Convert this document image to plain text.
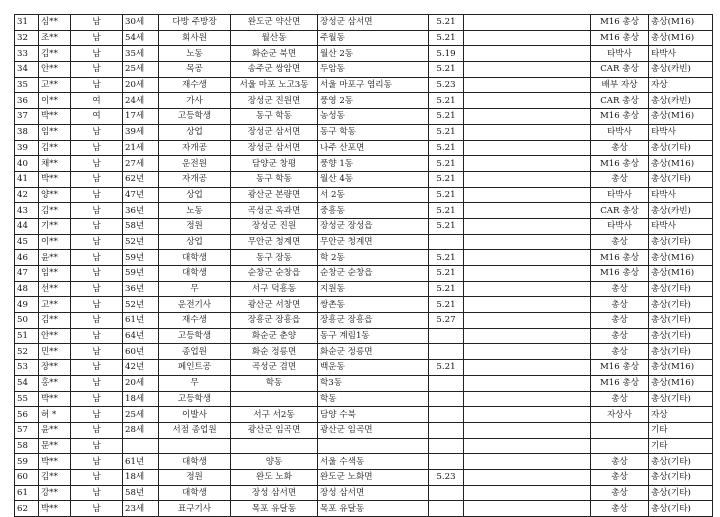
31	심**	남	30세	다방 주방장	완도군 약산면	장성군 삼서면	5.21		M16 총상	총상(M16)
32	조**	남	54세	회사원	월산동	주월동	5.21		M16 총상	총상(M16)
33	김**	남	35세	노동	화순군 북면	월산 2동	5.19		타박사	타박사
34	안**	남	25세	목공	송주군 쌍암면	두암동	5.21		CAR 총상	총상(카빈)
35	고**	남	20세	재수생	서울 마포 노고3동	서울 마포구 염리동	5.23		배부 자상	자상
36	이**	여	24세	가사	장성군 진원면	풍영 2동	5.21		CAR 총상	총상(카빈)
37	박**	여	17세	고등학생	동구 학동	농성동	5.21		M16 총상	총상(M16)
38	임**	남	39세	상업	장성군 삼서면	동구 학동	5.21		타박사	타박사
39	김**	남	21세	자개공	장성군 삼서면	나주 산포면	5.21		총상	총상(기타)
40	채**	남	27세	운전원	담양군 창평	풍향 1동	5.21		M16 총상	총상(M16)
41	박**	남	62년	자개공	동구 학동	월산 4동	5.21		총상	총상(기타)
42	양**	남	47년	상업	광산군 본량면	서 2동	5.21		타박사	타박사
43	김**	남	36년	노동	곡성군 옥과면	중흥동	5.21		CAR 총상	총상(카빈)
44	기**	남	58년	정원	장성군 진원	장성군 장성읍	5.21		타박사	타박사
45	이**	남	52년	상업	무안군 청계면	무안군 청계면			총상	총상(기타)
46	윤**	남	59년	대학생	동구 장동	학 2동	5.21		M16 총상	총상(M16)
47	임**	남	59년	대학생	순창군 순창읍	순창군 순창읍	5.21		M16 총상	총상(M16)
48	선**	남	36년	무	서구 덕흥동	지원동	5.21		총상	총상(기타)
49	고**	남	52년	운전기사	광산군 서창면	쌍촌동	5.21		총상	총상(기타)
50	김**	남	61년	재수생	장흥군 장흥읍	장흥군 장흥읍	5.27		총상	총상(기타)
51	안**	남	64년	고등학생	화순군 춘양	동구 계림1동			총상	총상(기타)
52	민**	남	60년	종업원	화순 정릉면	화순군 정릉면			총상	총상(기타)
53	장**	남	42년	페인트공	곡성군 겸면	백운동	5.21		M16 총상	총상(M16)
54	홍**	남	20세	무	학동	학3동			M16 총상	총상(M16)
55	박**	남	18세	고등학생		학동			총상	총상(기타)
56	허 *	남	25세	이발사	서구 서2동	담양 수북			자상사	자상
57	윤**	남	28세	서점 종업원	광산군 임곡면	광산군 임곡면				기타
58	문**	남								기타
59	박**	남	61년	대학생	양동	서울 수색동			총상	총상(기타)
60	김**	남	18세	정원	완도 노화	완도군 노화면	5.23		총상	총상(기타)
61	강**	남	58년	대학생	장성 삼서면	장성 삼서면			총상	총상(기타)
62	박**	남	23세	표구기사	목포 유달동	목포 유달동			총상	총상(기타)
